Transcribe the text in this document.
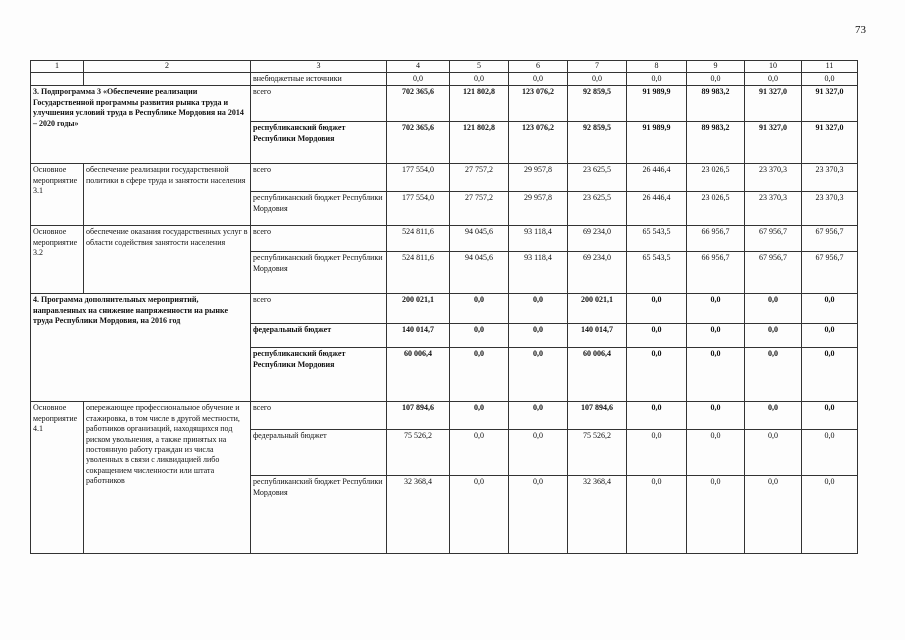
73
1	2	3	4	5	6	7	8	9	10	11
		внебюджетные источники	0,0	0,0	0,0	0,0	0,0	0,0	0,0	0,0
3. Подпрограмма 3 «Обеспечение реализации Государственной программы развития рынка труда и улучшения условий труда в Республике Мордовия на 2014 – 2020 годы»		всего	702 365,6	121 802,8	123 076,2	92 859,5	91 989,9	89 983,2	91 327,0	91 327,0
		республиканский бюджет Республики Мордовия	702 365,6	121 802,8	123 076,2	92 859,5	91 989,9	89 983,2	91 327,0	91 327,0
Основное мероприятие 3.1	обеспечение реализации государственной политики в сфере труда и занятости населения	всего	177 554,0	27 757,2	29 957,8	23 625,5	26 446,4	23 026,5	23 370,3	23 370,3
		республиканский бюджет Республики Мордовия	177 554,0	27 757,2	29 957,8	23 625,5	26 446,4	23 026,5	23 370,3	23 370,3
Основное мероприятие 3.2	обеспечение оказания государственных услуг в области содействия занятости населения	всего	524 811,6	94 045,6	93 118,4	69 234,0	65 543,5	66 956,7	67 956,7	67 956,7
		республиканский бюджет Республики Мордовия	524 811,6	94 045,6	93 118,4	69 234,0	65 543,5	66 956,7	67 956,7	67 956,7
4. Программа дополнительных мероприятий, направленных на снижение напряженности на рынке труда Республики Мордовия, на 2016 год		всего	200 021,1	0,0	0,0	200 021,1	0,0	0,0	0,0	0,0
		федеральный бюджет	140 014,7	0,0	0,0	140 014,7	0,0	0,0	0,0	0,0
		республиканский бюджет Республики Мордовия	60 006,4	0,0	0,0	60 006,4	0,0	0,0	0,0	0,0
Основное мероприятие 4.1	опережающее профессиональное обучение и стажировка, в том числе в другой местности, работников организаций, находящихся под риском увольнения, а также принятых на постоянную работу граждан из числа уволенных в связи с ликвидацией либо сокращением численности или штата работников	всего	107 894,6	0,0	0,0	107 894,6	0,0	0,0	0,0	0,0
		федеральный бюджет	75 526,2	0,0	0,0	75 526,2	0,0	0,0	0,0	0,0
		республиканский бюджет Республики Мордовия	32 368,4	0,0	0,0	32 368,4	0,0	0,0	0,0	0,0
